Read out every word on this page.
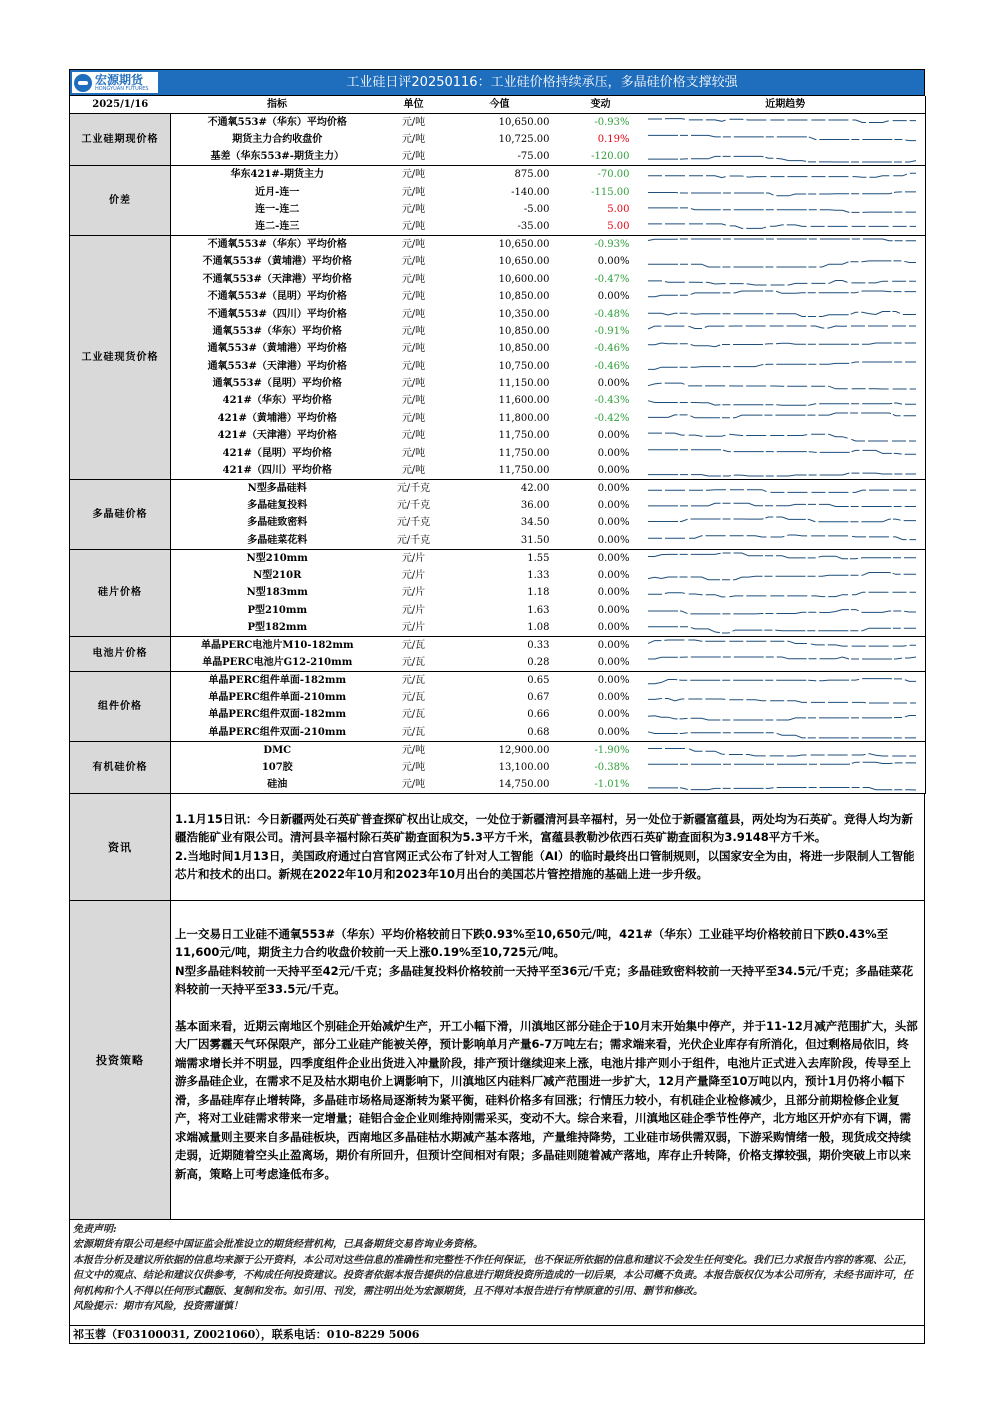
宏源期货
HONGYUAN FUTURES	工业硅日评20250116：工业硅价格持续承压，多晶硅价格支撑较强
2025/1/16	指标	单位	今值	变动	近期趋势
工业硅期现价格	不通氧553#（华东）平均价格	元/吨	10,650.00	-0.93%	

	期货主力合约收盘价	元/吨	10,725.00	0.19%	

	基差（华东553#-期货主力）	元/吨	-75.00	-120.00	

价差	华东421#-期货主力	元/吨	875.00	-70.00	

	近月-连一	元/吨	-140.00	-115.00	

	连一-连二	元/吨	-5.00	5.00	

	连二-连三	元/吨	-35.00	5.00	

工业硅现货价格	不通氧553#（华东）平均价格	元/吨	10,650.00	-0.93%	

	不通氧553#（黄埔港）平均价格	元/吨	10,650.00	0.00%	

	不通氧553#（天津港）平均价格	元/吨	10,600.00	-0.47%	

	不通氧553#（昆明）平均价格	元/吨	10,850.00	0.00%	

	不通氧553#（四川）平均价格	元/吨	10,350.00	-0.48%	

	通氧553#（华东）平均价格	元/吨	10,850.00	-0.91%	

	通氧553#（黄埔港）平均价格	元/吨	10,850.00	-0.46%	

	通氧553#（天津港）平均价格	元/吨	10,750.00	-0.46%	

	通氧553#（昆明）平均价格	元/吨	11,150.00	0.00%	

	421#（华东）平均价格	元/吨	11,600.00	-0.43%	

	421#（黄埔港）平均价格	元/吨	11,800.00	-0.42%	

	421#（天津港）平均价格	元/吨	11,750.00	0.00%	

	421#（昆明）平均价格	元/吨	11,750.00	0.00%	

	421#（四川）平均价格	元/吨	11,750.00	0.00%	

多晶硅价格	N型多晶硅料	元/千克	42.00	0.00%	

	多晶硅复投料	元/千克	36.00	0.00%	

	多晶硅致密料	元/千克	34.50	0.00%	

	多晶硅菜花料	元/千克	31.50	0.00%	

硅片价格	N型210mm	元/片	1.55	0.00%	

	N型210R	元/片	1.33	0.00%	

	N型183mm	元/片	1.18	0.00%	

	P型210mm	元/片	1.63	0.00%	

	P型182mm	元/片	1.08	0.00%	

电池片价格	单晶PERC电池片M10-182mm	元/瓦	0.33	0.00%	

	单晶PERC电池片G12-210mm	元/瓦	0.28	0.00%	

组件价格	单晶PERC组件单面-182mm	元/瓦	0.65	0.00%	

	单晶PERC组件单面-210mm	元/瓦	0.67	0.00%	

	单晶PERC组件双面-182mm	元/瓦	0.66	0.00%	

	单晶PERC组件双面-210mm	元/瓦	0.68	0.00%	

有机硅价格	DMC	元/吨	12,900.00	-1.90%	

	107胶	元/吨	13,100.00	-0.38%	

	硅油	元/吨	14,750.00	-1.01%	
资讯

1.1月15日讯：今日新疆两处石英矿普查探矿权出让成交，一处位于新疆清河县辛福村，另一处位于新疆富蕴县，两处均为石英矿。竞得人均为新疆浩能矿业有限公司。清河县辛福村除石英矿勘查面积为5.3平方千米，富蕴县教勒沙依西石英矿勘查面积为3.9148平方千米。

2.当地时间1月13日，美国政府通过白宫官网正式公布了针对人工智能（AI）的临时最终出口管制规则，以国家安全为由，将进一步限制人工智能芯片和技术的出口。新规在2022年10月和2023年10月出台的美国芯片管控措施的基础上进一步升级。

投资策略

上一交易日工业硅不通氧553#（华东）平均价格较前日下跌0.93%至10,650元/吨，421#（华东）工业硅平均价格较前日下跌0.43%至11,600元/吨，期货主力合约收盘价较前一天上涨0.19%至10,725元/吨。

N型多晶硅料较前一天持平至42元/千克；多晶硅复投料价格较前一天持平至36元/千克；多晶硅致密料较前一天持平至34.5元/千克；多晶硅菜花料较前一天持平至33.5元/千克。

基本面来看，近期云南地区个别硅企开始减炉生产，开工小幅下滑，川滇地区部分硅企于10月末开始集中停产，并于11-12月减产范围扩大，头部大厂因雾霾天气环保限产，部分工业硅产能被关停，预计影响单月产量6-7万吨左右；需求端来看，光伏企业库存有所消化，但过剩格局依旧，终端需求增长并不明显，四季度组件企业出货进入冲量阶段，排产预计继续迎来上涨，电池片排产则小于组件，电池片正式进入去库阶段，传导至上游多晶硅企业，在需求不足及枯水期电价上调影响下，川滇地区内硅料厂减产范围进一步扩大，12月产量降至10万吨以内，预计1月仍将小幅下滑，多晶硅库存止增转降，多晶硅市场格局逐渐转为紧平衡，硅料价格多有回涨；行情压力较小，有机硅企业检修减少，且部分前期检修企业复产，将对工业硅需求带来一定增量；硅铝合金企业则维持刚需采买，变动不大。综合来看，川滇地区硅企季节性停产，北方地区开炉亦有下调，需求端减量则主要来自多晶硅板块，西南地区多晶硅枯水期减产基本落地，产量维持降势，工业硅市场供需双弱，下游采购情绪一般，现货成交持续走弱，近期随着空头止盈离场，期价有所回升，但预计空间相对有限；多晶硅则随着减产落地，库存止升转降，价格支撑较强，期价突破上市以来新高，策略上可考虑逢低布多。

免责声明:
宏源期货有限公司是经中国证监会批准设立的期货经营机构，已具备期货交易咨询业务资格。
本报告分析及建议所依据的信息均来源于公开资料，本公司对这些信息的准确性和完整性不作任何保证，也不保证所依据的信息和建议不会发生任何变化。我们已力求报告内容的客观、公正，但文中的观点、结论和建议仅供参考，不构成任何投资建议。投资者依据本报告提供的信息进行期货投资所造成的一切后果，本公司概不负责。本报告版权仅为本公司所有，未经书面许可，任何机构和个人不得以任何形式翻版、复制和发布。如引用、刊发，需注明出处为宏源期货，且不得对本报告进行有悖原意的引用、删节和修改。
风险提示：期市有风险，投资需谨慎！
祁玉蓉（F03100031, Z0021060），联系电话：010-8229 5006
